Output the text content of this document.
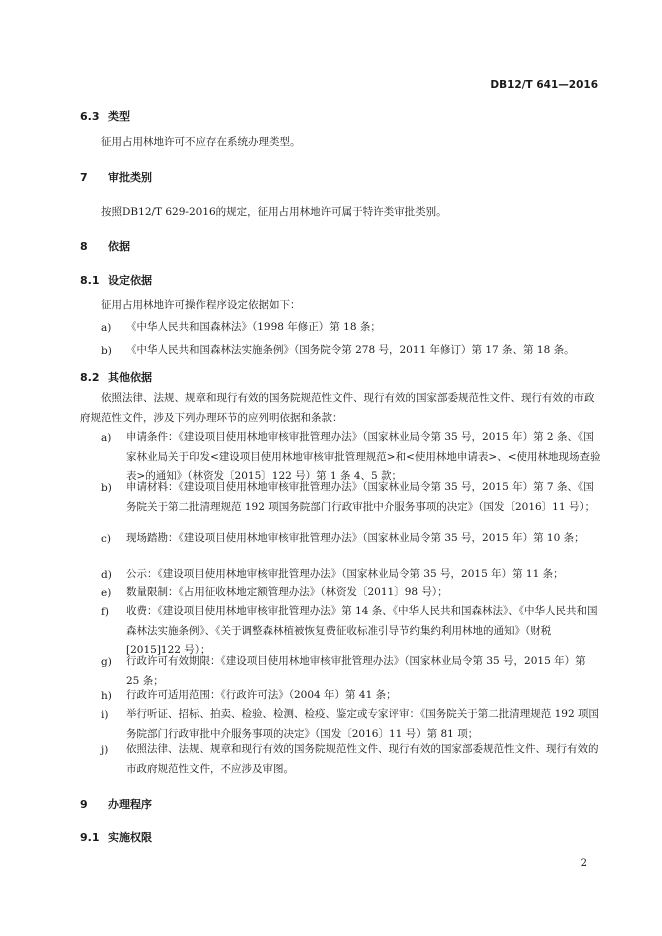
DB12/T 641—2016
6.3 类型
征用占用林地许可不应存在系统办理类型。
7 审批类别
按照DB12/T 629-2016的规定，征用占用林地许可属于特许类审批类别。
8 依据
8.1 设定依据
征用占用林地许可操作程序设定依据如下：
a) 《中华人民共和国森林法》（1998 年修正）第 18 条；
b) 《中华人民共和国森林法实施条例》（国务院令第 278 号，2011 年修订）第 17 条、第 18 条。
8.2 其他依据
依照法律、法规、规章和现行有效的国务院规范性文件、现行有效的国家部委规范性文件、现行有效的市政府规范性文件，涉及下列办理环节的应列明依据和条款：
a) 申请条件：《建设项目使用林地审核审批管理办法》（国家林业局令第 35 号，2015 年）第 2 条、《国家林业局关于印发<建设项目使用林地审核审批管理规范>和<使用林地申请表>、<使用林地现场查验表>的通知》（林资发〔2015〕122 号）第 1 条 4、5 款；
b) 申请材料：《建设项目使用林地审核审批管理办法》（国家林业局令第 35 号，2015 年）第 7 条、《国务院关于第二批清理规范 192 项国务院部门行政审批中介服务事项的决定》（国发〔2016〕11 号）；
c) 现场踏勘：《建设项目使用林地审核审批管理办法》（国家林业局令第 35 号，2015 年）第 10 条；
d) 公示：《建设项目使用林地审核审批管理办法》（国家林业局令第 35 号，2015 年）第 11 条；
e) 数量限制：《占用征收林地定额管理办法》（林资发〔2011〕98 号）；
f) 收费：《建设项目使用林地审核审批管理办法》第 14 条、《中华人民共和国森林法》、《中华人民共和国森林法实施条例》、《关于调整森林植被恢复费征收标准引导节约集约利用林地的通知》（财税[2015]122 号）；
g) 行政许可有效期限：《建设项目使用林地审核审批管理办法》（国家林业局令第 35 号，2015 年）第 25 条；
h) 行政许可适用范围：《行政许可法》（2004 年）第 41 条；
i) 举行听证、招标、拍卖、检验、检测、检疫、鉴定或专家评审：《国务院关于第二批清理规范 192 项国务院部门行政审批中介服务事项的决定》（国发〔2016〕11 号）第 81 项；
j) 依照法律、法规、规章和现行有效的国务院规范性文件、现行有效的国家部委规范性文件、现行有效的市政府规范性文件，不应涉及审图。
9 办理程序
9.1 实施权限
2
